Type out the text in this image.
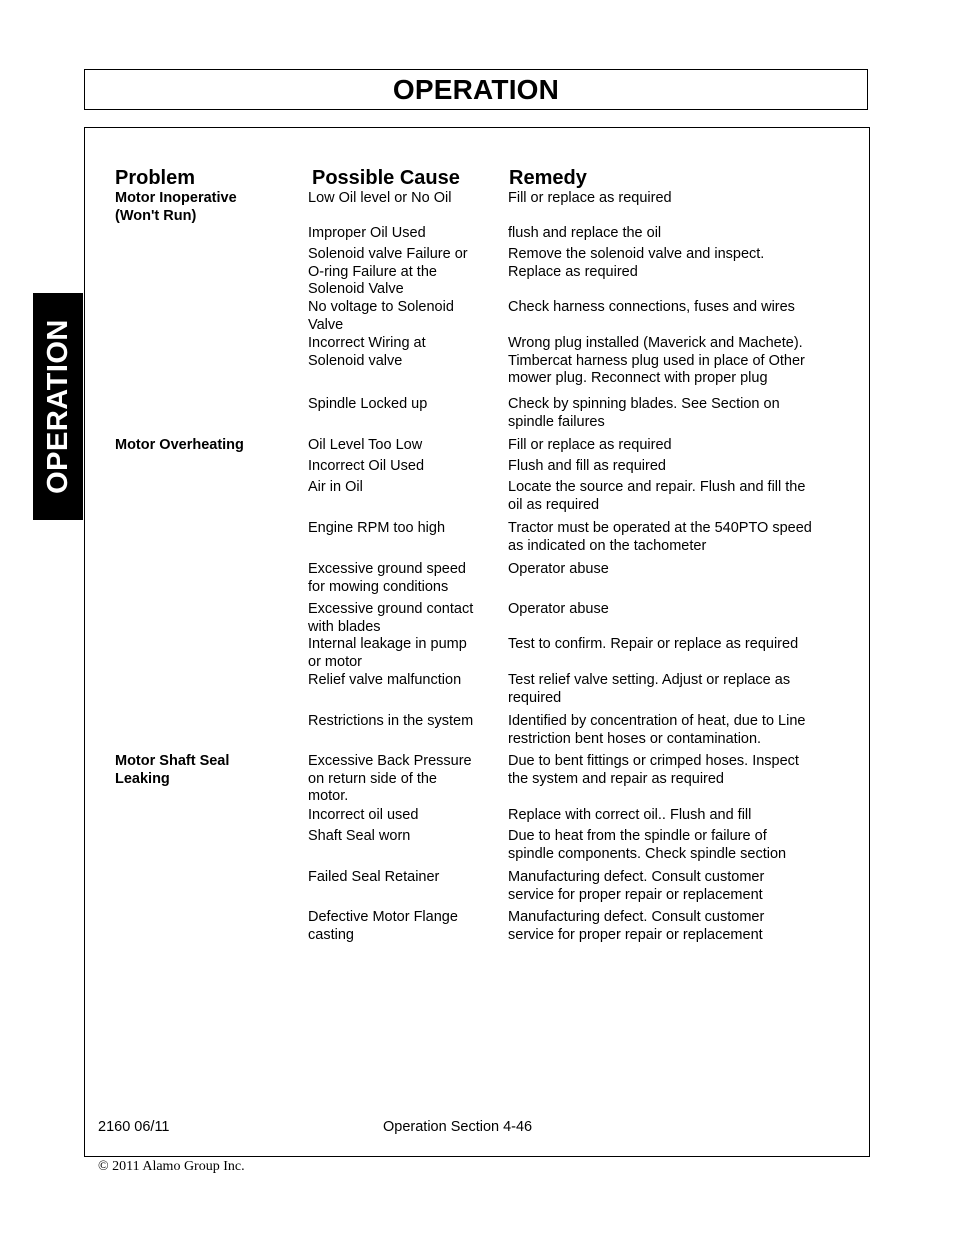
OPERATION
OPERATION
Problem	Possible Cause Remedy
Motor Inoperative
(Won't Run)
Motor Overheating
Motor Shaft Seal
Leaking
Low Oil level or No Oil
Improper Oil Used
Solenoid valve Failure or
O-ring Failure at the
Solenoid Valve
No voltage to Solenoid
Valve
Incorrect Wiring at
Solenoid valve
Spindle Locked up
Oil Level Too Low
Incorrect Oil Used
Air in Oil
Engine RPM too high
Excessive ground speed
for mowing conditions
Excessive ground contact
with blades
Internal leakage in pump
or motor
Relief valve malfunction
Restrictions in the system
Excessive Back Pressure
on return side of the
motor.
Incorrect oil used
Shaft Seal worn
Failed Seal Retainer
Defective Motor Flange
casting
Fill or replace as required
flush and replace the oil
Remove the solenoid valve and inspect.
Replace as required
Check harness connections, fuses and wires
Wrong plug installed (Maverick and Machete).
Timbercat harness plug used in place of Other
mower plug. Reconnect with proper plug
Check by spinning blades. See Section on
spindle failures
Fill or replace as required
Flush and fill as required
Locate the source and repair. Flush and fill the
oil as required
Tractor must be operated at the 540PTO speed
as indicated on the tachometer
Operator abuse
Operator abuse
Test to confirm. Repair or replace as required
Test relief valve setting. Adjust or replace as
required
Identified by concentration of heat, due to Line
restriction bent hoses or contamination.
Due to bent fittings or crimped hoses. Inspect
the system and repair as required
Replace with correct oil.. Flush and fill
Due to heat from the spindle or failure of
spindle components. Check spindle section
Manufacturing defect. Consult customer
service for proper repair or replacement
Manufacturing defect. Consult customer
service for proper repair or replacement
2160 06/11	Operation Section 4-46
© 2011 Alamo Group Inc.
